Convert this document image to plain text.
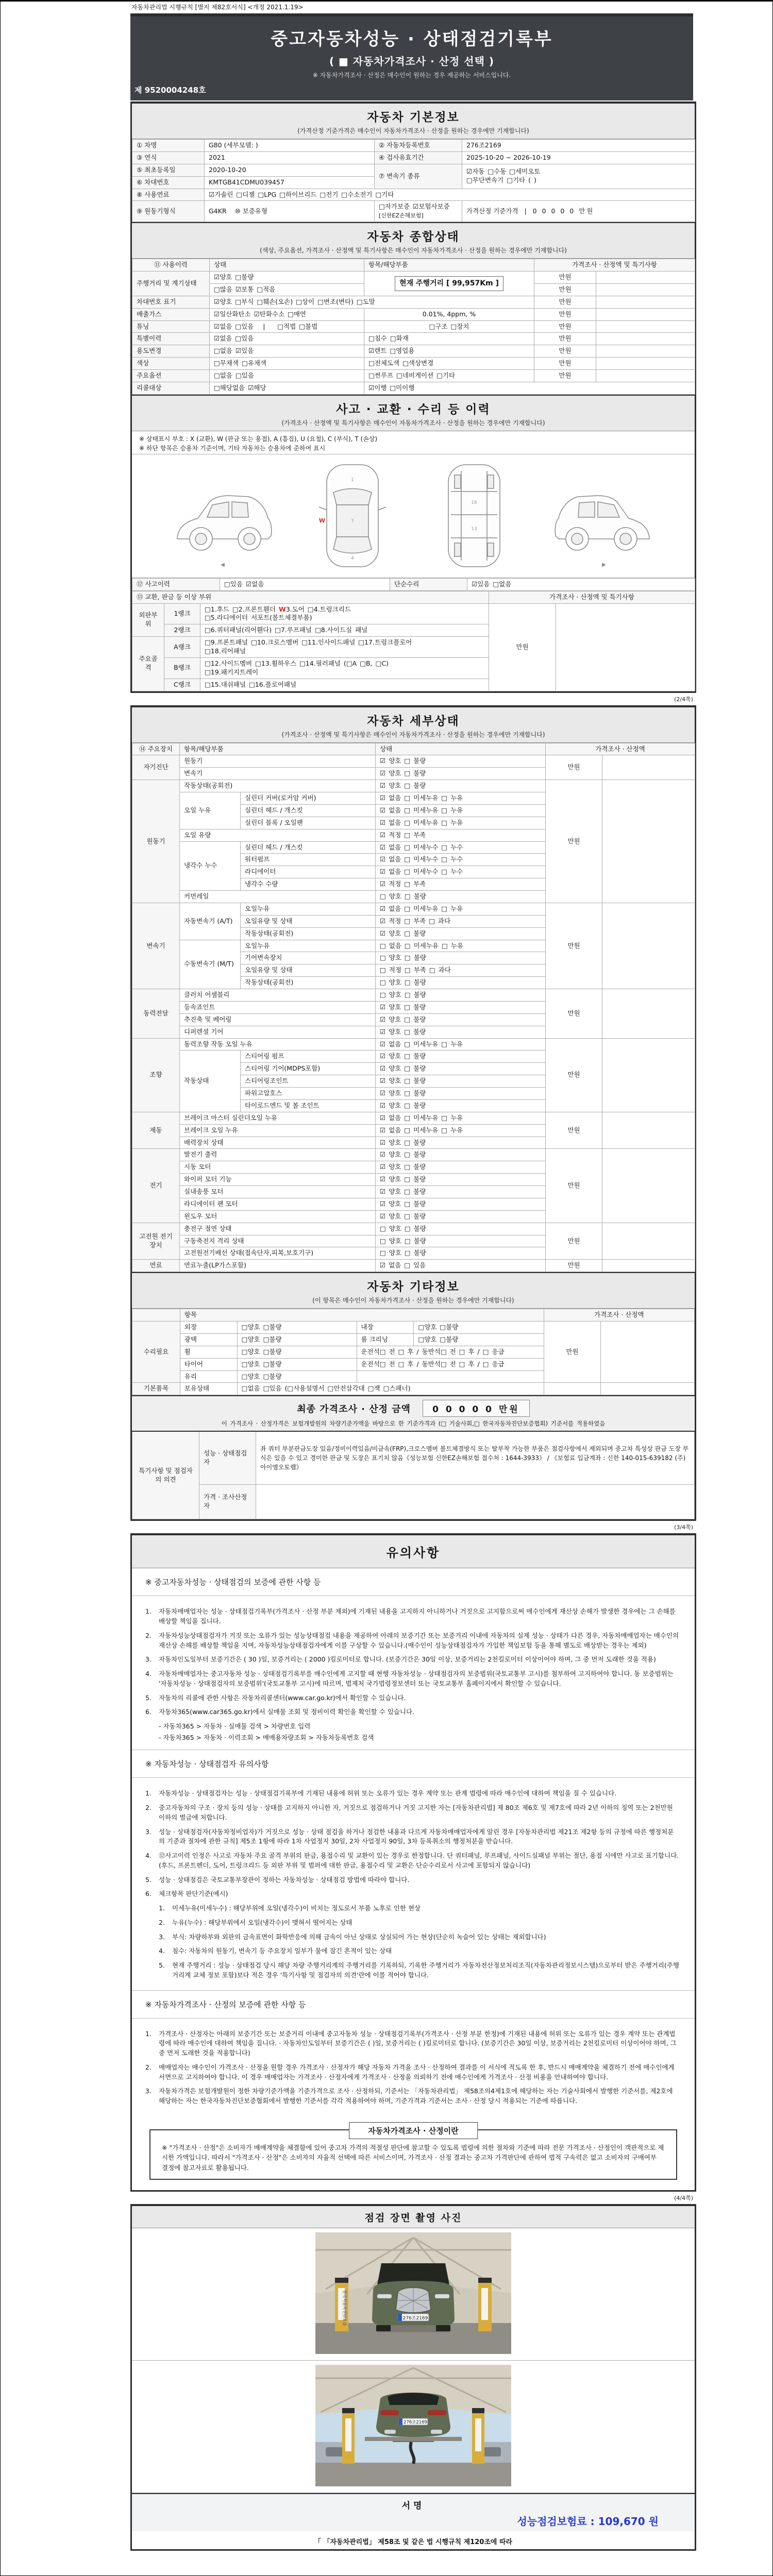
자동차관리법 시행규칙 [별지 제82호서식] <개정 2021.1.19>
중고자동차성능 · 상태점검기록부
( ■ 자동차가격조사 · 산정 선택 )
※ 자동차가격조사 · 산정은 매수인이 원하는 경우 제공하는 서비스입니다.
제 9520004248호
자동차 기본정보
(가격산정 기준가격은 매수인이 자동차가격조사 · 산정을 원하는 경우에만 기재합니다)
① 차명	G80 (세부모델: )	② 자동차등록번호	276조2169
③ 연식	2021	④ 검사유효기간	2025-10-20 ~ 2026-10-19
⑤ 최초등록일	2020-10-20	⑦ 변속기 종류	☑자동 □수동 □세미오토
□무단변속기 □기타 ( )

⑥ 차대번호	KMTGB41CDMU039457		
⑧ 사용연료	☑가솔린 □디젤 □LPG □하이브리드 □전기 □수소전기 □기타		
⑨ 원동기형식	G4KR ⑩ 보증유형	□자가보증 ☑보험사보증 [신한EZ손해보험]	가격산정 기준가격   |   0 0 0 0 0 만원
자동차 종합상태
(색상, 주요옵션, 가격조사 · 산정액 및 특기사항은 매수인이 자동차가격조사 · 산정을 원하는 경우에만 기재합니다)
⑪ 사용이력	상태	항목/해당부품	가격조사 · 산정액 및 특기사항	
주행거리 및 계기상태	☑양호 □불량	현재 주행거리 [ 99,957Km ]	만원	
	□많음 ☑보통 □적음		만원	
차대번호 표기	☑양호 □부식 □훼손(오손) □상이 □변조(변타) □도말		만원	
배출가스	☑일산화탄소 ☑탄화수소 □매연	0.01%, 4ppm, %	만원	
튜닝	☑없음 □있음   |    □적법 □불법	□구조 □장치	만원	
특별이력	☑없음 □있음	□침수 □화재	만원	
용도변경	□없음 ☑있음	☑렌트 □영업용	만원	
색상	□무채색 □유채색	□전체도색 □색상변경	만원	
주요옵션	□없음 □있음	□썬루프 □네비게이션 □기타	만원	
리콜대상	□해당없음 ☑해당	☑이행 □미이행		
사고 · 교환 · 수리 등 이력
(가격조사 · 산정액 및 특기사항은 매수인이 자동차가격조사 · 산정을 원하는 경우에만 기재합니다)
※ 상태표시 부호 : X (교환), W (판금 또는 용접), A (흠집), U (요철), C (부식), T (손상)
※ 하단 항목은 승용차 기준이며, 기타 자동차는 승용차에 준하여 표시
◀
1
7
4
W
16
13
▶
⑫ 사고이력	□있음 ☑없음	단순수리	☑있음 □없음
⑬ 교환, 판금 등 이상 부위			가격조사 · 산정액 및 특기사항	
외판부위	1랭크	□1.후드 □2.프론트휀더 W3.도어 □4.트렁크리드
□5.라디에이터 서포트(볼트체결부품)	만원	
	2랭크	□6.쿼터패널(리어휀다) □7.루프패널 □8.사이드실 패널		
주요골격	A랭크	□9.프론트패널 □10.크로스멤버 □11.인사이드패널 □17.트렁크플로어
□18.리어패널		

	B랭크	□12.사이드멤버 □13.휠하우스 □14.필러패널 (□A □B, □C)
□19.패키지트레이		

	C랭크	□15.대쉬패널 □16.플로어패널		
(2/4쪽)
자동차 세부상태
(가격조사 · 산정액 및 특기사항은 매수인이 자동차가격조사 · 산정을 원하는 경우에만 기재합니다)
⑭ 주요장치	항목/해당부품		상태	가격조사 · 산정액	
자기진단	원동기		☑ 양호 □ 불량	만원	
	변속기		☑ 양호 □ 불량		
원동기	작동상태(공회전)		☑ 양호 □ 불량	만원	
	오일 누유	실린더 커버(로커암 커버)	☑ 없음 □ 미세누유 □ 누유		
		실린더 헤드 / 개스킷	☑ 없음 □ 미세누유 □ 누유		
		실린더 블록 / 오일팬	☑ 없음 □ 미세누유 □ 누유		
	오일 유량		☑ 적정 □ 부족		
	냉각수 누수	실린더 헤드 / 개스킷	☑ 없음 □ 미세누수 □ 누수		
		워터펌프	☑ 없음 □ 미세누수 □ 누수		
		라디에이터	☑ 없음 □ 미세누수 □ 누수		
		냉각수 수량	☑ 적정 □ 부족		
	커먼레일		□ 양호 □ 불량		
변속기	자동변속기 (A/T)	오일누유	☑ 없음 □ 미세누유 □ 누유	만원	
		오일유량 및 상태	☑ 적정 □ 부족 □ 과다		
		작동상태(공회전)	☑ 양호 □ 불량		
	수동변속기 (M/T)	오일누유	□ 없음 □ 미세누유 □ 누유		
		기어변속장치	□ 양호 □ 불량		
		오일유량 및 상태	□ 적정 □ 부족 □ 과다		
		작동상태(공회전)	□ 양호 □ 불량		
동력전달	클러치 어셈블리		□ 양호 □ 불량	만원	
	등속죠인트		☑ 양호 □ 불량		
	추진축 및 베어링		☑ 양호 □ 불량		
	디퍼렌셜 기어		☑ 양호 □ 불량		
조향	동력조향 작동 오일 누유		☑ 없음 □ 미세누유 □ 누유	만원	
	작동상태	스티어링 펌프	☑ 양호 □ 불량		
		스티어링 기어(MDPS포함)	☑ 양호 □ 불량		
		스티어링조인트	☑ 양호 □ 불량		
		파워고압호스	☑ 양호 □ 불량		
		타이로드엔드 및 볼 조인트	☑ 양호 □ 불량		
제동	브레이크 마스터 실린더오일 누유		☑ 없음 □ 미세누유 □ 누유	만원	
	브레이크 오일 누유		☑ 없음 □ 미세누유 □ 누유		
	배력장치 상태		☑ 양호 □ 불량		
전기	발전기 출력		☑ 양호 □ 불량	만원	
	시동 모터		☑ 양호 □ 불량		
	와이퍼 모터 기능		☑ 양호 □ 불량		
	실내송풍 모터		☑ 양호 □ 불량		
	라디에이터 팬 모터		☑ 양호 □ 불량		
	윈도우 모터		☑ 양호 □ 불량		
고전원 전기장치	충전구 절연 상태		□ 양호 □ 불량	만원	
	구동축전지 격리 상태		□ 양호 □ 불량		
	고전원전기배선 상태(접속단자,피복,보호기구)		□ 양호 □ 불량		
연료	연료누출(LP가스포함)		☑ 없음 □ 있음	만원	
자동차 기타정보
(이 항목은 매수인이 자동차가격조사 · 산정을 원하는 경우에만 기재합니다)
	항목				가격조사 · 산정액	
수리필요	외장	□양호 □불량	내장	□양호 □불량	만원	
	광택	□양호 □불량	룸 크리닝	□양호 □불량		
	휠	□양호 □불량	운전석□ 전 □ 후 / 동반석□ 전 □ 후 / □ 응급			
	타이어	□양호 □불량	운전석□ 전 □ 후 / 동반석□ 전 □ 후 / □ 응급			
	유리	□양호 □불량				
기본품목	보유상태	□없음 □있음 (□사용설명서 □안전삼각대 □잭 □스패너)				
최종 가격조사 · 산정 금액 0 0 0 0 0 만원
이 가격조사 · 산정가격은 보험개발원의 차량기준가액을 바탕으로 한 기준가격과 (□ 기술사회,□ 한국자동차진단보증협회) 기준서를 적용하였음
특기사항 및 점검자의 의견	성능 · 상태점검자	좌 쿼터 부분판금도장 있음/정비이력있음/비금속(FRP),크로스멤버 볼트체결방식 또는 탈부착 가능한 부품은 점검사항에서 제외되며 중고차 특성상 판금 도장 부식은 있을 수 있고 경미한 판금 및 도장은 표기치 않음《성능보험 신한EZ손해보험 접수처 : 1644-3933》 / 《보험료 입금계좌 : 신한 140-015-639182 (주)아이엠오토랩》
	가격 · 조사산정자	
(3/4쪽)
유의사항
※ 중고자동차성능 · 상태점검의 보증에 관한 사항 등
1.	자동차매매업자는 성능 · 상태점검기록부(가격조사 · 산정 부분 제외)에 기재된 내용을 고지하지 아니하거나 거짓으로 고지함으로써 매수인에게 재산상 손해가 발생한 경우에는 그 손해를 배상할 책임을 집니다.
2.	자동차성능상태점검자가 거짓 또는 오류가 있는 성능상태점검 내용을 제공하여 아래의 보증기간 또는 보증거리 이내에 자동차의 실제 성능 · 상태가 다른 경우, 자동차매매업자는 매수인의 재산상 손해를 배상할 책임을 지며, 자동차성능상태점검자에게 이를 구상할 수 있습니다.(매수인이 성능상태점검자가 가입한 책임보험 등을 통해 별도로 배상받는 경우는 제외)
3.	자동차인도일부터 보증기간은 ( 30 )일, 보증거리는 ( 2000 )킬로미터로 합니다. (보증기간은 30일 이상, 보증거리는 2천킬로미터 이상이어야 하며, 그 중 먼저 도래한 것을 적용)
4.	자동차매매업자는 중고자동차 성능 · 상태점검기록부를 매수인에게 고지할 때 현행 자동차성능 · 상태점검자의 보증범위(국토교통부 고시)를 첨부하여 고지하여야 합니다. 동 보증범위는 '자동차성능 · 상태점검자의 보증범위'(국토교통부 고시)에 따르며, 법제처 국가법령정보센터 또는 국토교통부 홈페이지에서 확인할 수 있습니다.
5.	자동차의 리콜에 관한 사항은 자동차리콜센터(www.car.go.kr)에서 확인할 수 있습니다.
6.	자동차365(www.car365.go.kr)에서 실매물 조회 및 정비이력 확인을 확인할 수 있습니다.
- 자동차365 > 자동차 · 실매물 검색 > 차량번호 입력
- 자동차365 > 자동차 · 이력조회 > 매매용차량조회 > 자동차등록번호 검색
※ 자동차성능 · 상태점검자 유의사항
1.	자동차성능 · 상태점검자는 성능 · 상태점검기록부에 기재된 내용에 허위 또는 오류가 있는 경우 계약 또는 관계 법령에 따라 매수인에 대하여 책임을 질 수 있습니다.
2.	중고자동차의 구조 · 장치 등의 성능 · 상태를 고지하지 아니한 자, 거짓으로 점검하거나 거짓 고지한 자는 [자동차관리법] 제 80조 제6호 및 제7호에 따라 2년 이하의 징역 또는 2천만원 이하의 벌금에 처합니다.
3.	성능 · 상태점검자(자동차정비업자)가 거짓으로 성능 · 상태 점검을 하거나 점검한 내용과 다르게 자동차매매업자에게 알린 경우 [자동차관리법 제21조 제2항 등의 규정에 따른 행정처분의 기준과 절차에 관한 규칙] 제5조 1항에 따라 1차 사업정지 30일, 2차 사업정지 90일, 3차 등록취소의 행정처분을 받습니다.
4.	⑫사고이력 인정은 사고로 자동차 주요 골격 부위의 판금, 용접수리 및 교환이 있는 경우로 한정합니다. 단 쿼터패널, 루프패널, 사이드실패널 부위는 절단, 용접 시에만 사고로 표기합니다. (후드, 프론트펜더, 도어, 트렁크리드 등 외판 부위 및 범퍼에 대한 판금, 용접수리 및 교환은 단순수리로서 사고에 포함되지 않습니다)
5.	성능 · 상태점검은 국토교통부장관이 정하는 자동차성능 · 상태점검 방법에 따라야 합니다.
6.	체크항목 판단기준(예시)
1.	미세누유(미세누수) : 해당부위에 오일(냉각수)이 비치는 정도로서 부품 노후로 인한 현상
2.	누유(누수) : 해당부위에서 오일(냉각수)이 맺혀서 떨어지는 상태
3.	부식: 차량하부와 외판의 금속표면이 화학반응에 의해 금속이 아닌 상태로 상실되어 가는 현상(단순히 녹슬어 있는 상태는 제외합니다)
4.	침수: 자동차의 원동기, 변속기 등 주요장치 일부가 물에 잠긴 흔적이 있는 상태
5.	현재 주행거리 : 성능 · 상태점검 당시 해당 차량 주행거리계의 주행거리를 기록하되, 기록한 주행거리가 자동차전산정보처리조직(자동차관리정보시스템)으로부터 받은 주행거리(주행거리계 교체 정보 포함)보다 적은 경우 '특기사항 및 점검자의 의견'란에 이를 적어야 합니다.
※ 자동차가격조사 · 산정의 보증에 관한 사항 등
1.	가격조사 · 산정자는 아래의 보증기간 또는 보증거리 이내에 중고자동차 성능 · 상태점검기록부(가격조사 · 산정 부분 한정)에 기재된 내용에 허위 또는 오류가 있는 경우 계약 또는 관계법령에 따라 매수인에 대하여 책임을 집니다. · 자동차인도일부터 보증기간은 ( )일, 보증거리는 ( )킬로미터로 합니다. (보증기간은 30일 이상, 보증거리는 2천킬로미터 이상이어야 하며, 그 중 먼저 도래한 것을 적용합니다)
2.	매매업자는 매수인이 가격조사 · 산정을 원할 경우 가격조사 · 산정자가 해당 자동차 가격을 조사 · 산정하여 결과를 이 서식에 적도록 한 후, 반드시 매매계약을 체결하기 전에 매수인에게 서면으로 고지하여야 합니다. 이 경우 매매업자는 가격조사 · 산정자에게 가격조사 · 산정을 의뢰하기 전에 매수인에게 가격조사 · 산정 비용을 안내하여야 합니다.
3.	자동차가격은 보험개발원이 정한 차량기준가액을 기준가격으로 조사 · 산정하되, 기준서는 「자동차관리법」 제58조의4제1호에 해당하는 자는 기술사회에서 발행한 기준서를, 제2호에 해당하는 자는 한국자동차진단보증협회에서 발행한 기준서를 각각 적용하여야 하며, 기준가격과 기준서는 조사 · 산정 당시 적용되는 기준에 따릅니다.
자동차가격조사 · 산정이란
※ "가격조사 · 산정"은 소비자가 매매계약을 체결함에 있어 중고차 가격의 적절성 판단에 참고할 수 있도록 법령에 의한 절차와 기준에 따라 전문 가격조사 · 산정인이 객관적으로 제시한 가액입니다. 따라서 "가격조사 · 산정"은 소비자의 자율적 선택에 따른 서비스이며, 가격조사 · 산정 결과는 중고차 가격판단에 관하여 법적 구속력은 없고 소비자의 구매여부 결정에 참고자료로 활용됩니다.
(4/4쪽)
점검 장면 촬영 사진
한국자동차진단보증	276조2169
276조2169
서명
성능점검보험료 : 109,670 원
「 「자동차관리법」 제58조 및 같은 법 시행규칙 제120조에 따라
